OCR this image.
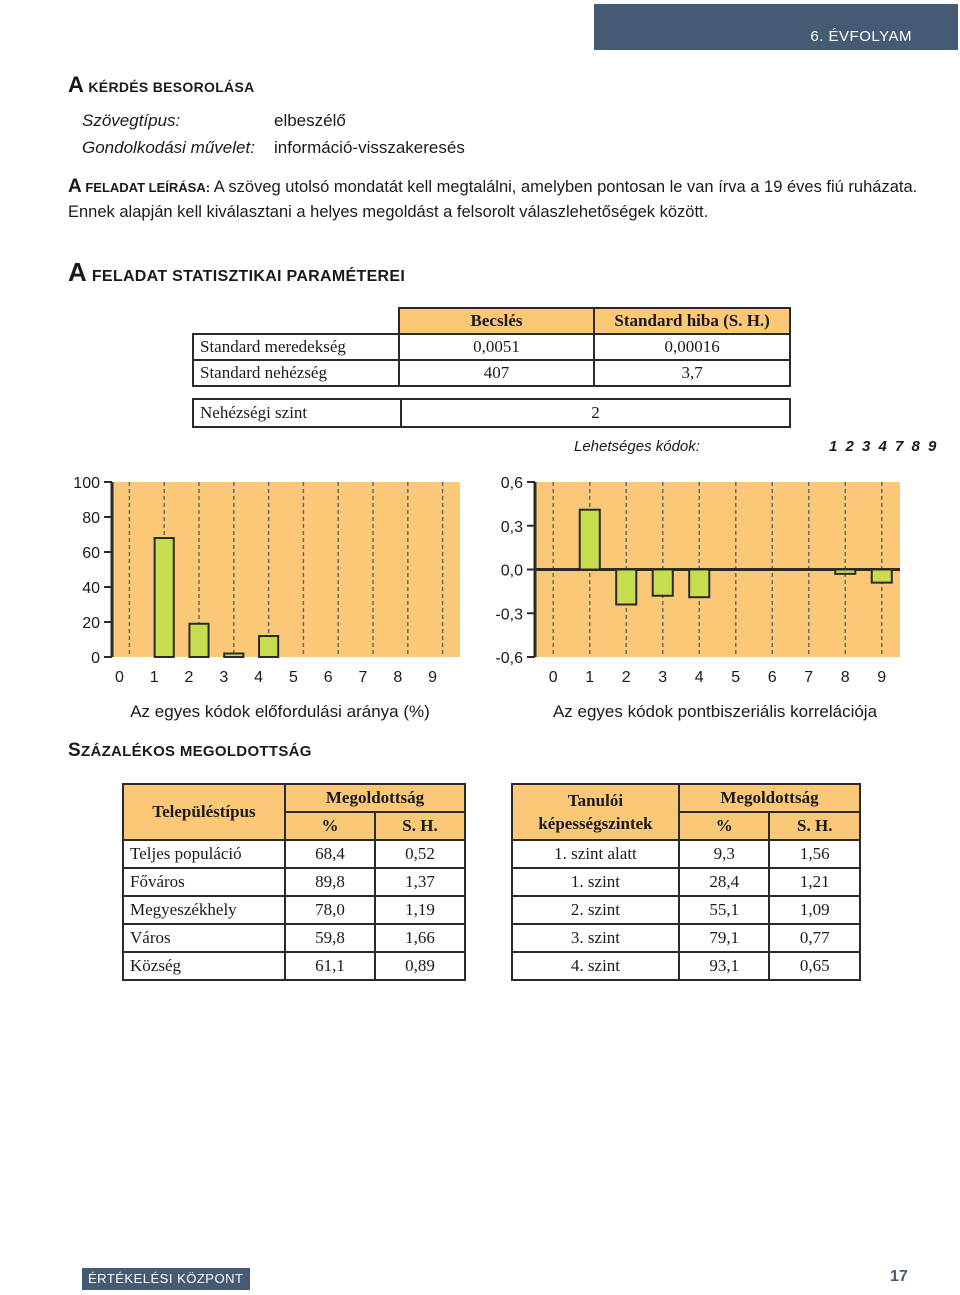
6. ÉVFOLYAM
A KÉRDÉS BESOROLÁSA
Szövegtípus:	elbeszélő
Gondolkodási művelet: információ-visszakeresés
A FELADAT LEÍRÁSA: A szöveg utolsó mondatát kell megtalálni, amelyben pontosan le van írva a 19 éves fiú ruházata. Ennek alapján kell kiválasztani a helyes megoldást a felsorolt válaszlehetőségek között.
A FELADAT STATISZTIKAI PARAMÉTEREI
	Becslés	Standard hiba (S. H.)
Standard meredekség	0,0051	0,00016
Standard nehézség	407	3,7
Nehézségi szint	2
Lehetséges kódok:	1 2 3 4 7 8 9
0
20
40
60
80
100
0 1 2 3 4 5 6 7 8 9
Az egyes kódok előfordulási aránya (%)
-0,6
-0,3
0,0
0,3
0,6
0 1 2 3 4 5 6 7 8 9
Az egyes kódok pontbiszeriális korrelációja
SZÁZALÉKOS MEGOLDOTTSÁG
Településtípus	Megoldottság	
	%	S. H.
Teljes populáció	68,4	0,52
Főváros	89,8	1,37
Megyeszékhely	78,0	1,19
Város	59,8	1,66
Község	61,1	0,89
Tanulói
képességszintek	Megoldottság	
	%	S. H.
1. szint alatt	9,3	1,56
1. szint	28,4	1,21
2. szint	55,1	1,09
3. szint	79,1	0,77
4. szint	93,1	0,65
ÉRTÉKELÉSI KÖZPONT	17
